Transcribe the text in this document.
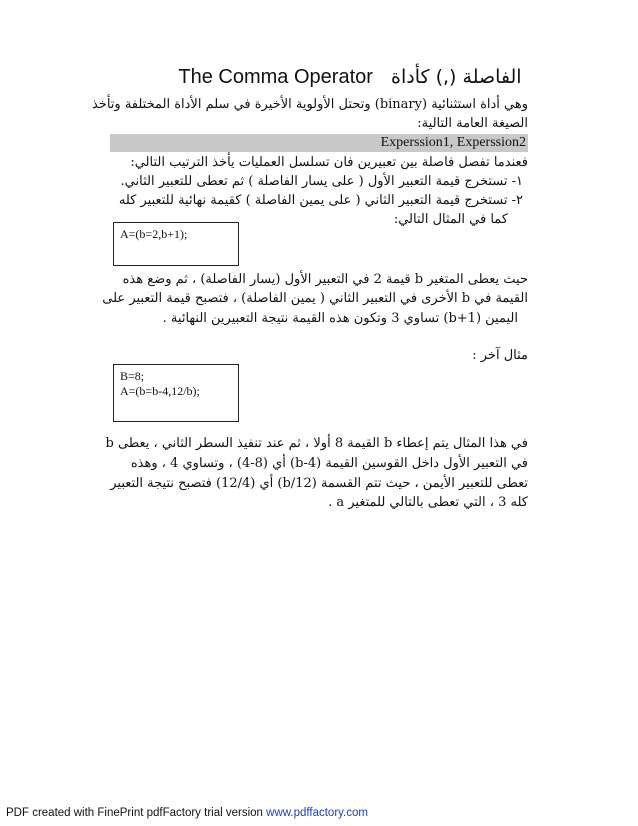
The Comma Operator الفاصلة (,) كأداة
وهي أداة استثنائية (binary) وتحتل الأولوية الأخيرة في سلم الأداة المختلفة وتأخذ
الصيغة العامة التالية:
Experssion1, Experssion2
فعندما تفصل فاصلة بين تعبيرين فان تسلسل العمليات يأخذ الترتيب التالي:
١- تستخرج قيمة التعبير الأول ( على يسار الفاصلة ) ثم تعطى للتعبير الثاني.
٢- تستخرج قيمة التعبير الثاني ( على يمين الفاصلة ) كقيمة نهائية للتعبير كله
كما في المثال التالي:
A=(b=2,b+1);
حيث يعطى المتغير b قيمة 2 في التعبير الأول (يسار الفاصلة) ، ثم وضع هذه
القيمة في b الأخرى في التعبير الثاني ( يمين الفاصلة) ، فتصبح قيمة التعبير على
اليمين (b+1) تساوي 3 وتكون هذه القيمة نتيجة التعبيرين النهائية .
مثال آخر :
B=8;
A=(b=b-4,12/b);
في هذا المثال يتم إعطاء b القيمة 8 أولا ، ثم عند تنفيذ السطر الثاني ، يعطى b
في التعبير الأول داخل القوسين القيمة (b-4) أي (8-4) ، وتساوي 4 ، وهذه
تعطى للتعبير الأيمن ، حيث تتم القسمة (12/b) أي (12/4) فتصبح نتيجة التعبير
كله 3 ، التي تعطى بالتالي للمتغير a .
PDF created with FinePrint pdfFactory trial version www.pdffactory.com
